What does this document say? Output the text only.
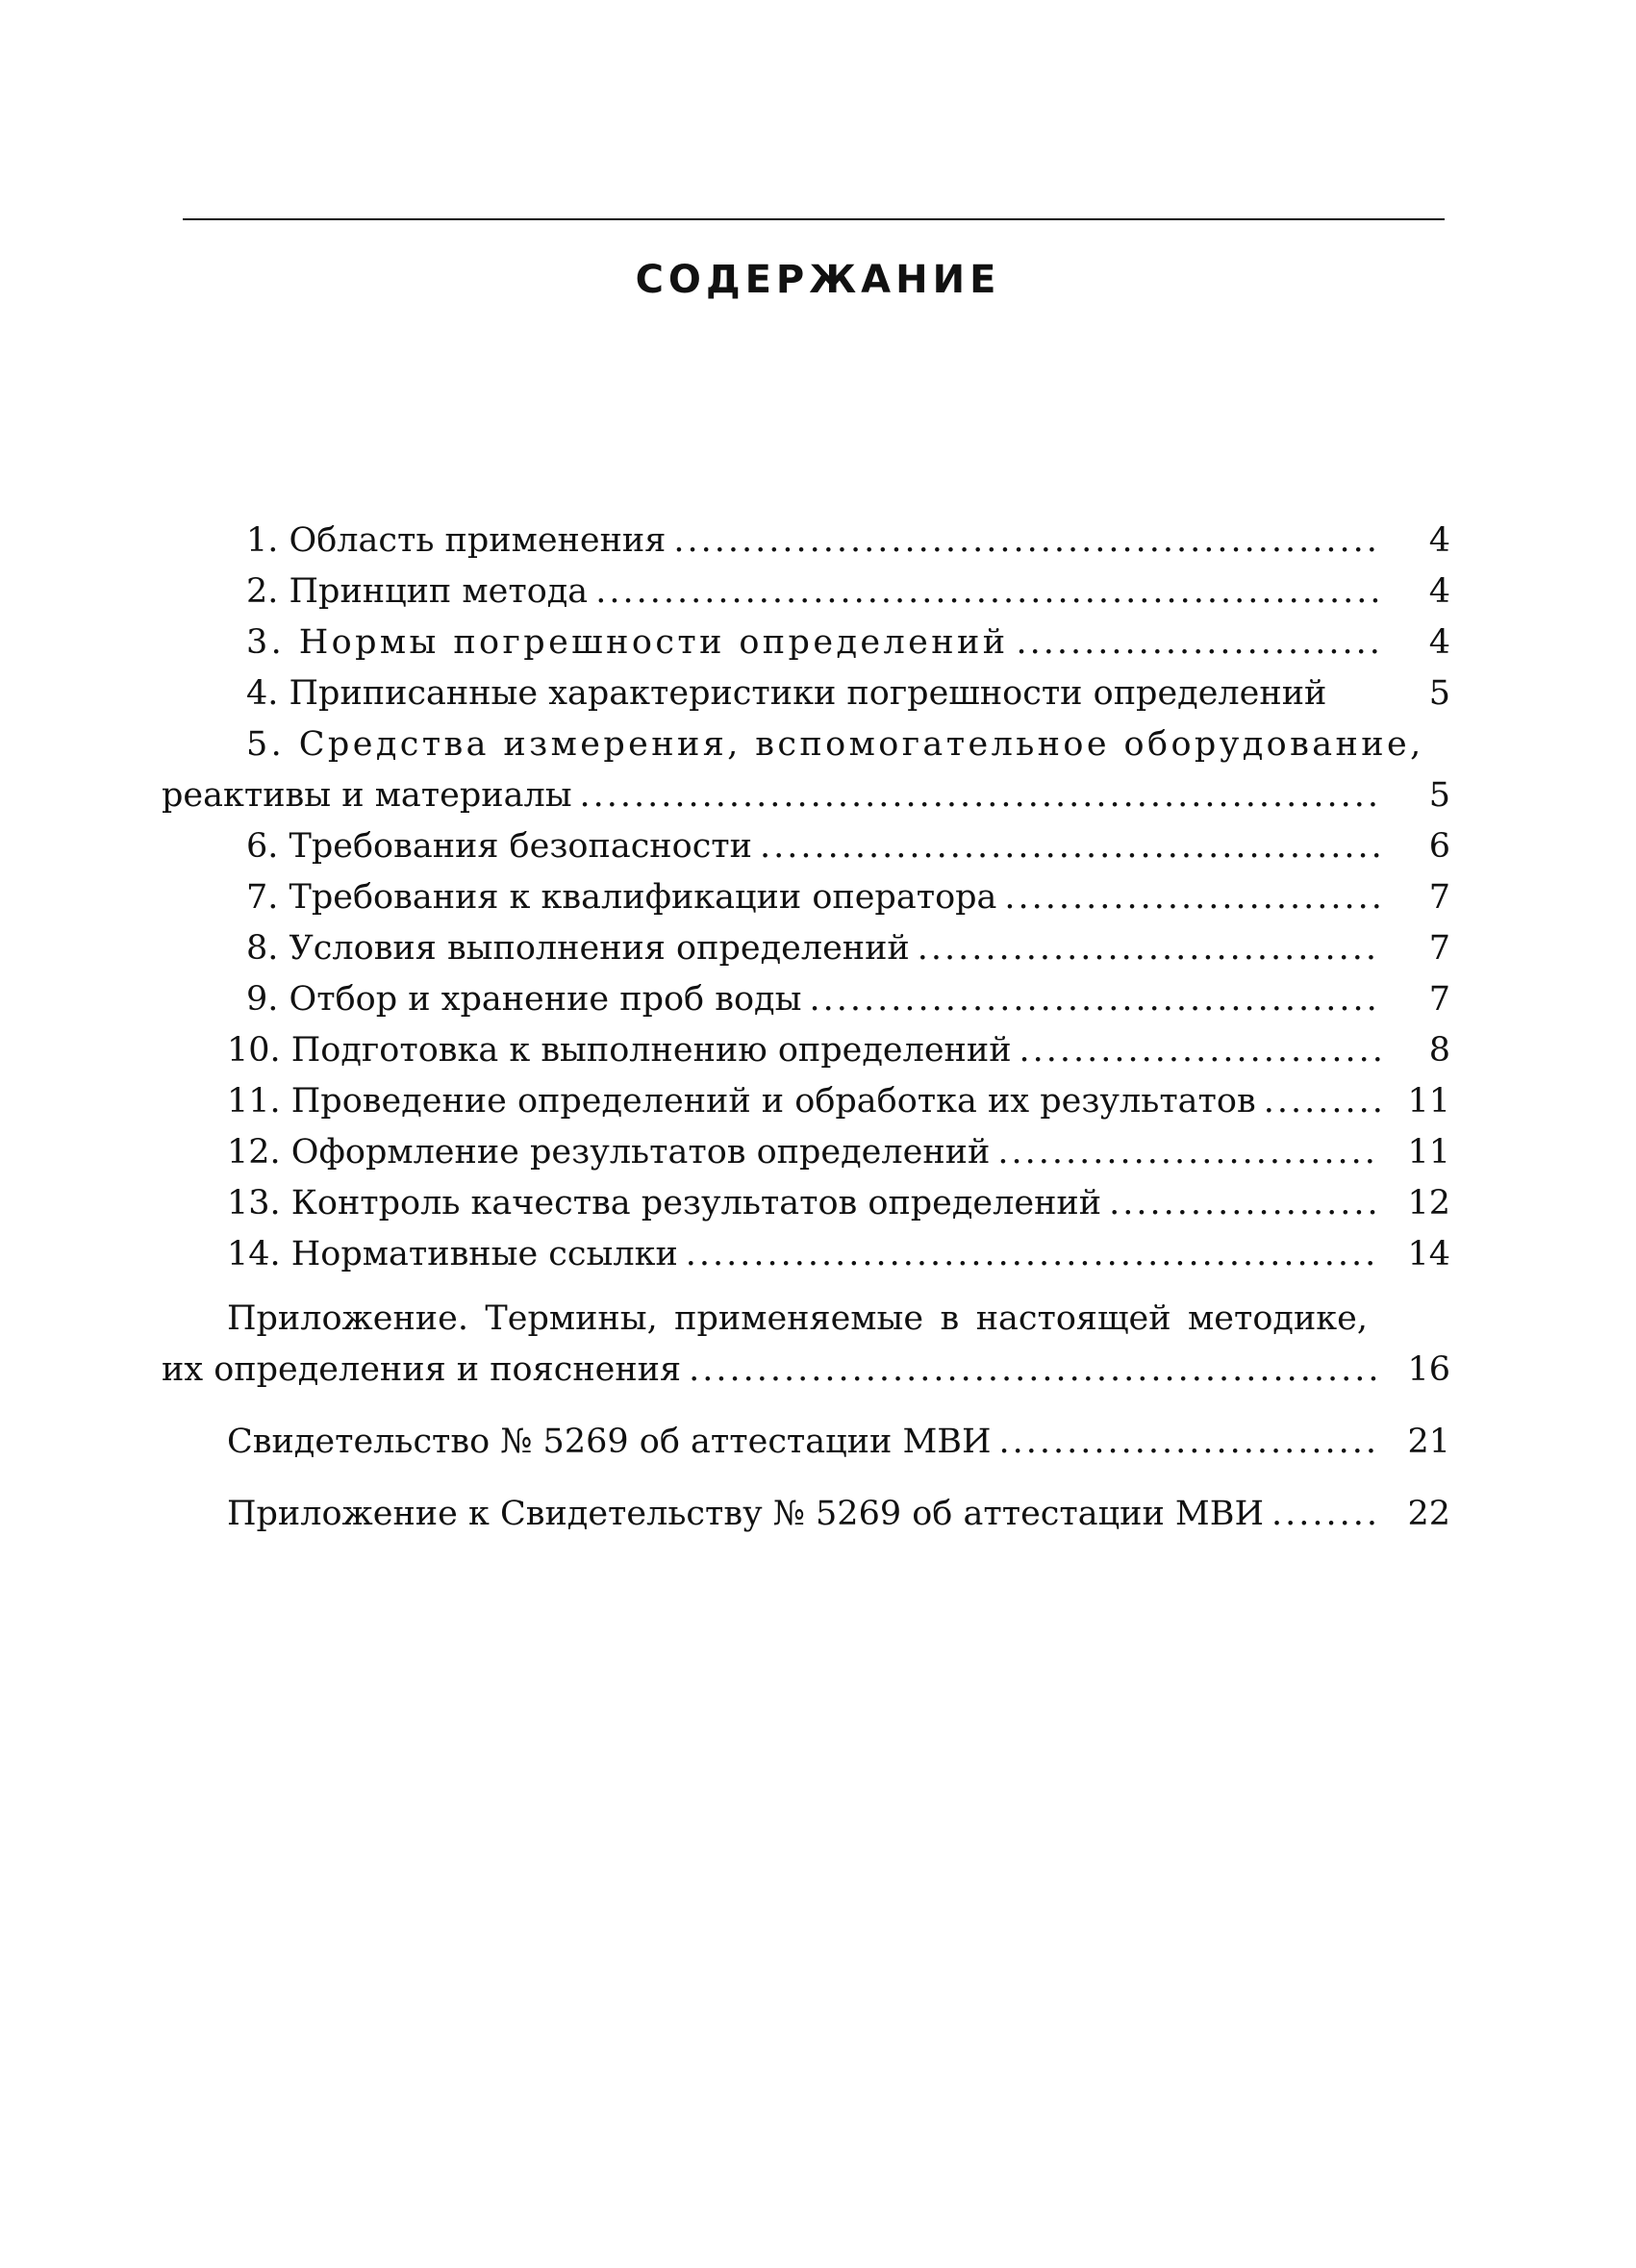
СОДЕРЖАНИЕ
1. Область применения .....	4
2. Принцип метода .....	4
3. Нормы погрешности определений .....	4
4. Приписанные характеристики погрешности определений	5
5. Средства измерения, вспомогательное оборудование,
реактивы и материалы .....	5
6. Требования безопасности .....	6
7. Требования к квалификации оператора .....	7
8. Условия выполнения определений .....	7
9. Отбор и хранение проб воды .....	7
10. Подготовка к выполнению определений .....	8
11. Проведение определений и обработка их результатов .....	11
12. Оформление результатов определений .....	11
13. Контроль качества результатов определений .....	12
14. Нормативные ссылки .....	14
Приложение. Термины, применяемые в настоящей методике,
их определения и пояснения .....	16
Свидетельство № 5269 об аттестации МВИ .....	21
Приложение к Свидетельству № 5269 об аттестации МВИ .....	22
